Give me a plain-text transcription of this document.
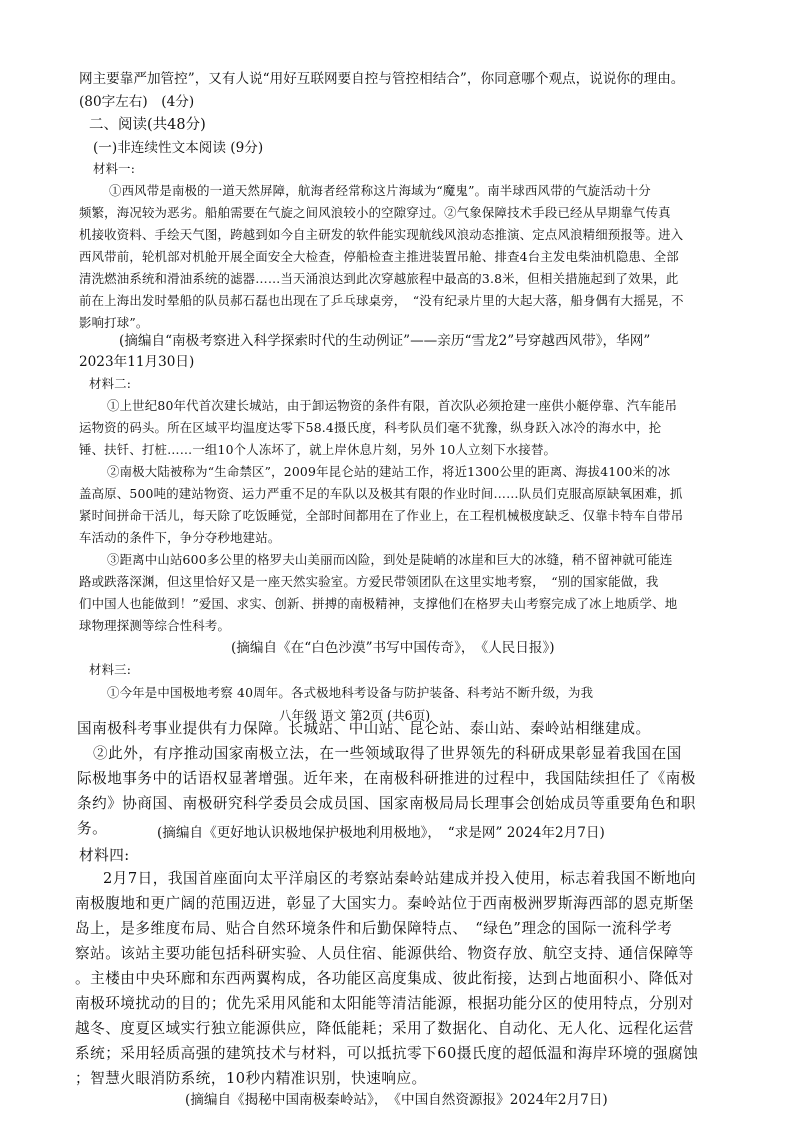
网主要靠严加管控”，又有人说“用好互联网要自控与管控相结合”，你同意哪个观点，说说你的理由。
(80字左右)　(4分)
二、阅读(共48分)
(一)非连续性文本阅读 (9分)
材料一:
①西风带是南极的一道天然屏障，航海者经常称这片海域为“魔鬼”。南半球西风带的气旋活动十分
频繁，海况较为恶劣。船舶需要在气旋之间风浪较小的空隙穿过。②气象保障技术手段已经从早期靠气传真
机接收资料、手绘天气图，跨越到如今自主研发的软件能实现航线风浪动态推演、定点风浪精细预报等。进入
西风带前，轮机部对机舱开展全面安全大检查，停船检查主推进装置吊舱、排查4台主发电柴油机隐患、全部
清洗燃油系统和滑油系统的滤器……当天涌浪达到此次穿越旅程中最高的3.8米，但相关措施起到了效果，此
前在上海出发时晕船的队员郝石磊也出现在了乒乓球桌旁，　“没有纪录片里的大起大落，船身偶有大摇晃，不
影响打球”。
(摘编自“南极考察进入科学探索时代的生动例证”——亲历“雪龙2”号穿越西风带》，华网”
2023年11月30日)
材料二:
①上世纪80年代首次建长城站，由于卸运物资的条件有限，首次队必须抢建一座供小艇停靠、汽车能吊
运物资的码头。所在区域平均温度达零下58.4摄氏度，科考队员们毫不犹豫，纵身跃入冰冷的海水中，抡
锤、扶钎、打桩……一组10个人冻坏了，就上岸休息片刻，另外 10人立刻下水接替。
②南极大陆被称为“生命禁区”，2009年昆仑站的建站工作，将近1300公里的距离、海拔4100米的冰
盖高原、500吨的建站物资、运力严重不足的车队以及极其有限的作业时间……队员们克服高原缺氧困难，抓
紧时间拼命干活儿，每天除了吃饭睡觉，全部时间都用在了作业上，在工程机械极度缺乏、仅靠卡特车自带吊
车活动的条件下，争分夺秒地建站。
③距离中山站600多公里的格罗夫山美丽而凶险，到处是陡峭的冰崖和巨大的冰缝，稍不留神就可能连
路或跌落深渊，但这里恰好又是一座天然实验室。方爱民带领团队在这里实地考察，　“别的国家能做，我
们中国人也能做到！”爱国、求实、创新、拼搏的南极精神，支撑他们在格罗夫山考察完成了冰上地质学、地
球物理探测等综合性科考。
(摘编自《在“白色沙漠”书写中国传奇》，　《人民日报》)
材料三:
①今年是中国极地考察 40周年。各式极地科考设备与防护装备、科考站不断升级，为我
八年级 语文 第2页 (共6页)
国南极科考事业提供有力保障。长城站、中山站、昆仑站、泰山站、秦岭站相继建成。
②此外，有序推动国家南极立法，在一些领域取得了世界领先的科研成果彰显着我国在国
际极地事务中的话语权显著增强。近年来，在南极科研推进的过程中，我国陆续担任了《南极
条约》协商国、南极研究科学委员会成员国、国家南极局局长理事会创始成员等重要角色和职
务。	(摘编自《更好地认识极地保护极地利用极地》，　“求是网” 2024年2月7日)
材料四:
2月7日，我国首座面向太平洋扇区的考察站秦岭站建成并投入使用，标志着我国不断地向
南极腹地和更广阔的范围迈进，彰显了大国实力。秦岭站位于西南极洲罗斯海西部的恩克斯堡
岛上，是多维度布局、贴合自然环境条件和后勤保障特点、　“绿色”理念的国际一流科学考
察站。该站主要功能包括科研实验、人员住宿、能源供给、物资存放、航空支持、通信保障等
。主楼由中央环廊和东西两翼构成，各功能区高度集成、彼此衔接，达到占地面积小、降低对
南极环境扰动的目的；优先采用风能和太阳能等清洁能源，根据功能分区的使用特点，分别对
越冬、度夏区域实行独立能源供应，降低能耗；采用了数据化、自动化、无人化、远程化运营
系统；采用轻质高强的建筑技术与材料，可以抵抗零下60摄氏度的超低温和海岸环境的强腐蚀
；智慧火眼消防系统，10秒内精准识别，快速响应。
(摘编自《揭秘中国南极秦岭站》，　《中国自然资源报》2024年2月7日)
